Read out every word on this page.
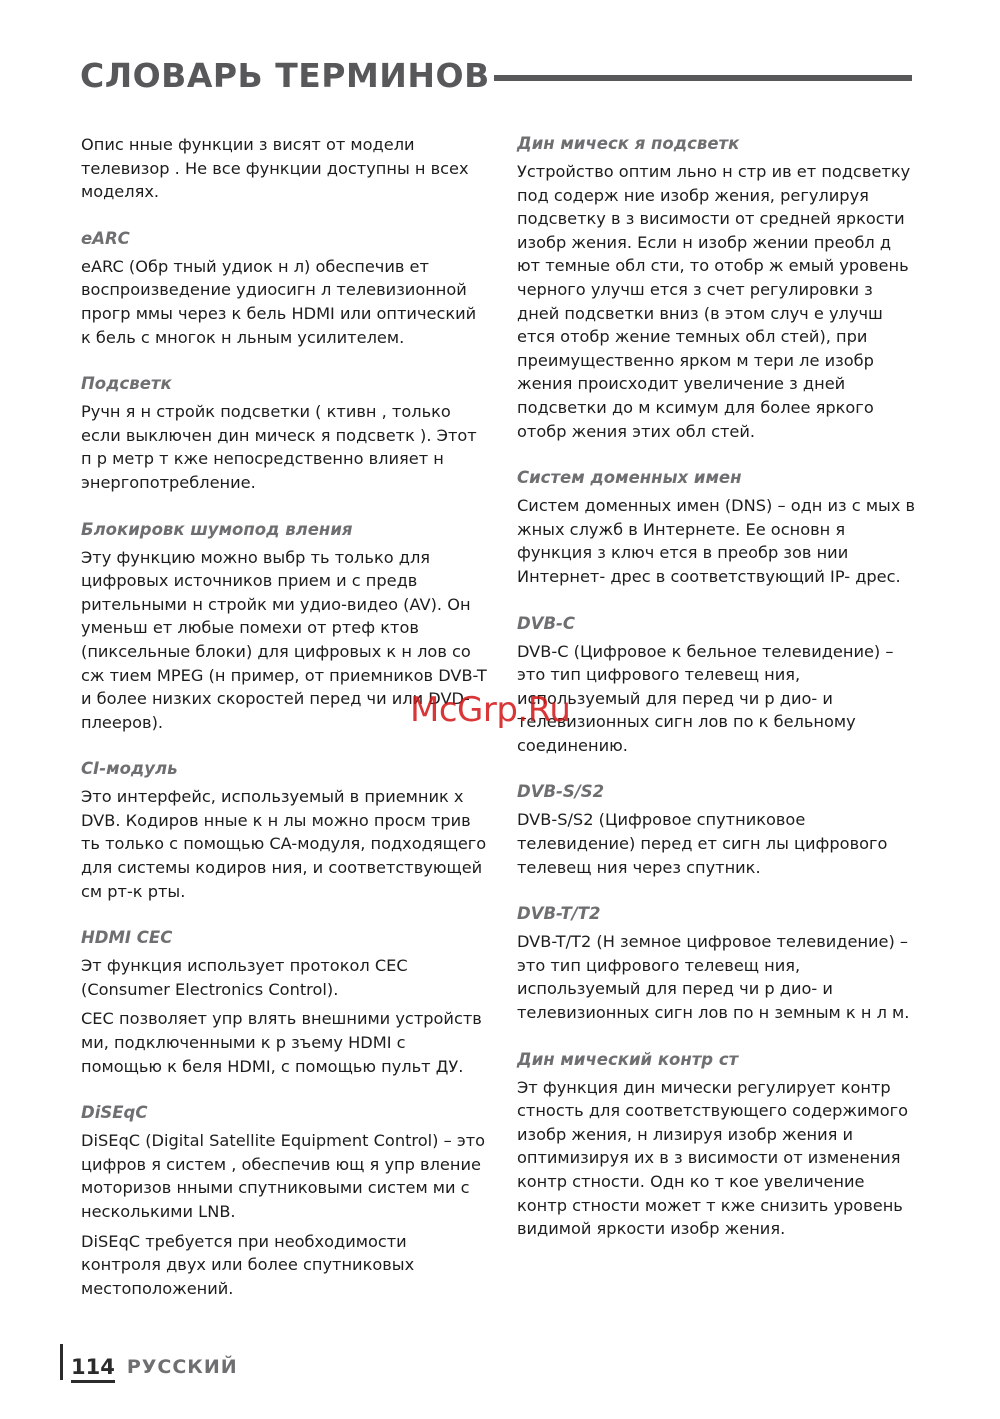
СЛОВАРЬ ТЕРМИНОВ

Опис нные функции з висят от модели телевизор . Не все функции доступны н всех моделях.

eARC

eARC (Обр тный удиок н л) обеспечив ет воспроизведение удиосигн л телевизионной прогр ммы через к бель HDMI или оптический к бель с многок н льным усилителем.

Подсветк

Ручн я н стройк подсветки ( ктивн , только если выключен дин мическ я подсветк ). Этот п р метр т кже непосредственно влияет н энергопотребление.

Блокировк шумопод вления

Эту функцию можно выбр ть только для цифровых источников прием и с предв рительными н стройк ми удио-видео (AV). Он уменьш ет любые помехи от ртеф ктов (пиксельные блоки) для цифровых к н лов со сж тием MPEG (н пример, от приемников DVB-T и более низких скоростей перед чи или DVD-плееров).

CI-модуль

Это интерфейс, используемый в приемник х DVB. Кодиров нные к н лы можно просм трив ть только с помощью CA-модуля, подходящего для системы кодиров ния, и соответствующей см рт-к рты.

HDMI CEC

Эт функция использует протокол CEC (Consumer Electronics Control).

CEC позволяет упр влять внешними устройств ми, подключенными к р зъему HDMI с помощью к беля HDMI, с помощью пульт ДУ.

DiSEqC

DiSEqC (Digital Satellite Equipment Control) – это цифров я систем , обеспечив ющ я упр вление моторизов нными спутниковыми систем ми с несколькими LNB.

DiSEqC требуется при необходимости контроля двух или более спутниковых местоположений.

Дин мическ я подсветк

Устройство оптим льно н стр ив ет подсветку под содерж ние изобр жения, регулируя подсветку в з висимости от средней яркости изобр жения. Если н изобр жении преобл д ют темные обл сти, то отобр ж емый уровень черного улучш ется з счет регулировки з дней подсветки вниз (в этом случ е улучш ется отобр жение темных обл стей), при преимущественно ярком м тери ле изобр жения происходит увеличение з дней подсветки до м ксимум для более яркого отобр жения этих обл стей.

Систем доменных имен

Систем доменных имен (DNS) – одн из с мых в жных служб в Интернете. Ее основн я функция з ключ ется в преобр зов нии Интернет- дрес в соответствующий IP- дрес.

DVB-C

DVB-C (Цифровое к бельное телевидение) – это тип цифрового телевещ ния, используемый для перед чи р дио- и телевизионных сигн лов по к бельному соединению.

DVB-S/S2

DVB-S/S2 (Цифровое спутниковое телевидение) перед ет сигн лы цифрового телевещ ния через спутник.

DVB-T/T2

DVB-T/T2 (Н земное цифровое телевидение) – это тип цифрового телевещ ния, используемый для перед чи р дио- и телевизионных сигн лов по н земным к н л м.

Дин мический контр ст

Эт функция дин мически регулирует контр стность для соответствующего содержимого изобр жения, н лизируя изобр жения и оптимизируя их в з висимости от изменения контр стности. Одн ко т кое увеличение контр стности может т кже снизить уровень видимой яркости изобр жения.

McGrp.Ru
114 РУССКИЙ
